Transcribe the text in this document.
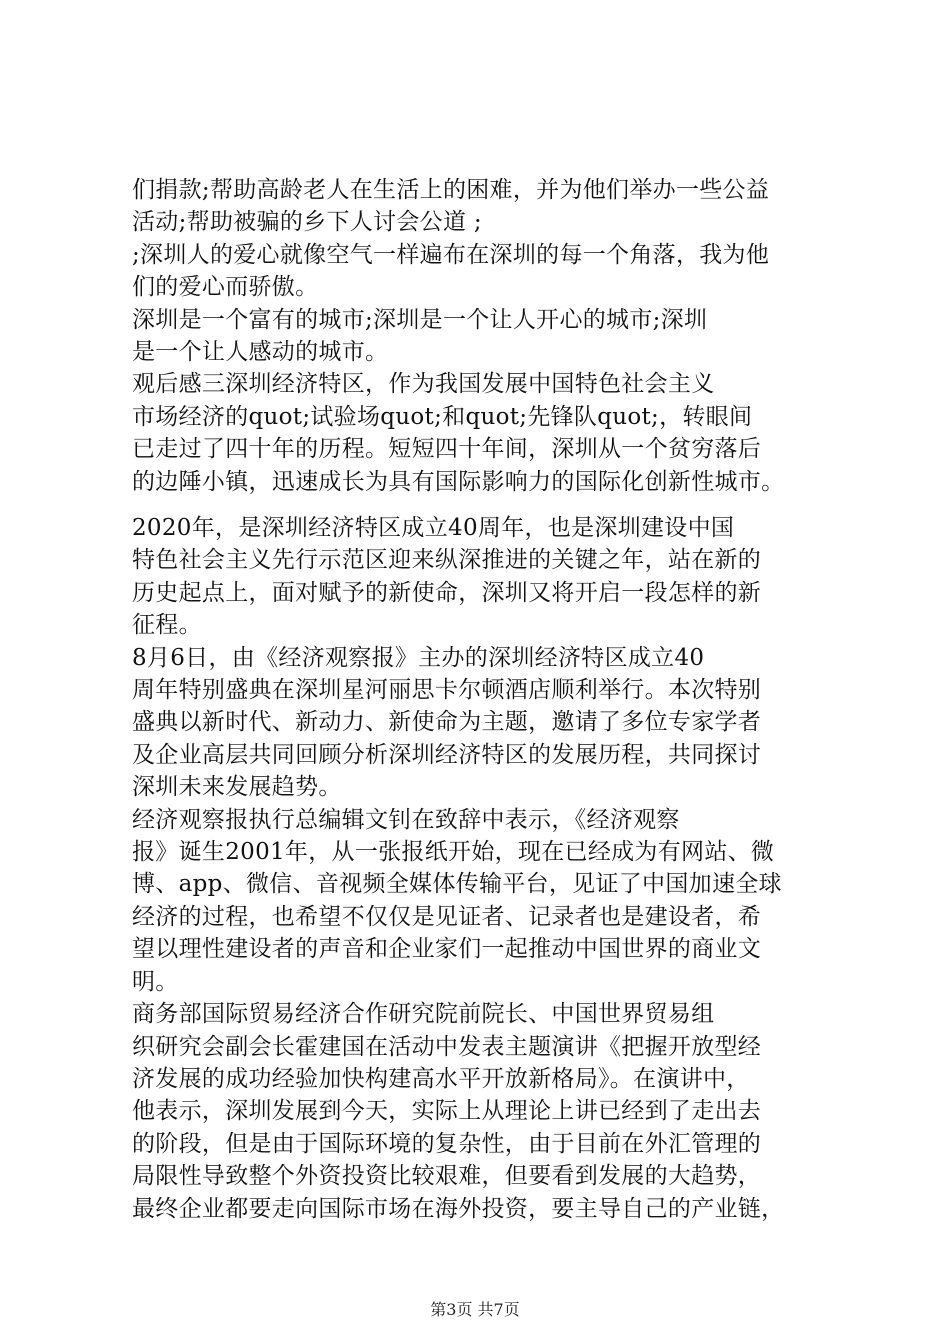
们捐款;帮助高龄老人在生活上的困难，并为他们举办一些公益
活动;帮助被骗的乡下人讨会公道 ;
;深圳人的爱心就像空气一样遍布在深圳的每一个角落，我为他
们的爱心而骄傲。
深圳是一个富有的城市;深圳是一个让人开心的城市;深圳
是一个让人感动的城市。
观后感三深圳经济特区，作为我国发展中国特色社会主义
市场经济的quot;试验场quot;和quot;先锋队quot;，转眼间
已走过了四十年的历程。短短四十年间，深圳从一个贫穷落后
的边陲小镇，迅速成长为具有国际影响力的国际化创新性城市。
2020年，是深圳经济特区成立40周年，也是深圳建设中国
特色社会主义先行示范区迎来纵深推进的关键之年，站在新的
历史起点上，面对赋予的新使命，深圳又将开启一段怎样的新
征程。
8月6日，由《经济观察报》主办的深圳经济特区成立40
周年特别盛典在深圳星河丽思卡尔顿酒店顺利举行。本次特别
盛典以新时代、新动力、新使命为主题，邀请了多位专家学者
及企业高层共同回顾分析深圳经济特区的发展历程，共同探讨
深圳未来发展趋势。
经济观察报执行总编辑文钊在致辞中表示，《经济观察
报》诞生2001年，从一张报纸开始，现在已经成为有网站、微
博、app、微信、音视频全媒体传输平台，见证了中国加速全球
经济的过程，也希望不仅仅是见证者、记录者也是建设者，希
望以理性建设者的声音和企业家们一起推动中国世界的商业文
明。
商务部国际贸易经济合作研究院前院长、中国世界贸易组
织研究会副会长霍建国在活动中发表主题演讲《把握开放型经
济发展的成功经验加快构建高水平开放新格局》。在演讲中，
他表示，深圳发展到今天，实际上从理论上讲已经到了走出去
的阶段，但是由于国际环境的复杂性，由于目前在外汇管理的
局限性导致整个外资投资比较艰难，但要看到发展的大趋势，
最终企业都要走向国际市场在海外投资，要主导自己的产业链，
第3页 共7页
